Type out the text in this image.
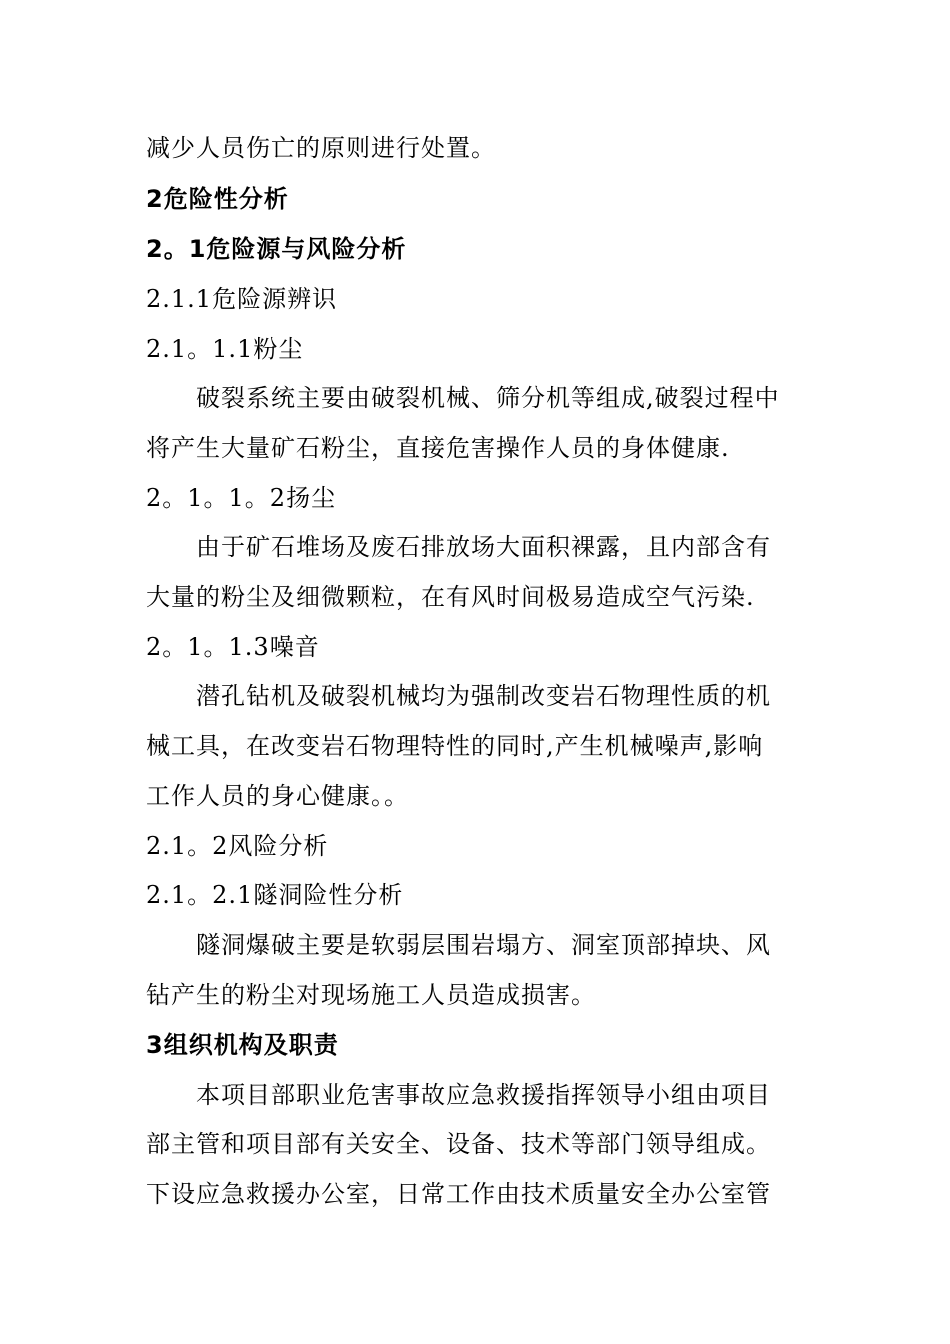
减少人员伤亡的原则进行处置。
2危险性分析
2。1危险源与风险分析
2.1.1危险源辨识
2.1。1.1粉尘
破裂系统主要由破裂机械、筛分机等组成,破裂过程中
将产生大量矿石粉尘，直接危害操作人员的身体健康.
2。1。1。2扬尘
由于矿石堆场及废石排放场大面积裸露，且内部含有
大量的粉尘及细微颗粒，在有风时间极易造成空气污染.
2。1。1.3噪音
潜孔钻机及破裂机械均为强制改变岩石物理性质的机
械工具，在改变岩石物理特性的同时,产生机械噪声,影响
工作人员的身心健康。。
2.1。2风险分析
2.1。2.1隧洞险性分析
隧洞爆破主要是软弱层围岩塌方、洞室顶部掉块、风
钻产生的粉尘对现场施工人员造成损害。
3组织机构及职责
本项目部职业危害事故应急救援指挥领导小组由项目
部主管和项目部有关安全、设备、技术等部门领导组成。
下设应急救援办公室，日常工作由技术质量安全办公室管
